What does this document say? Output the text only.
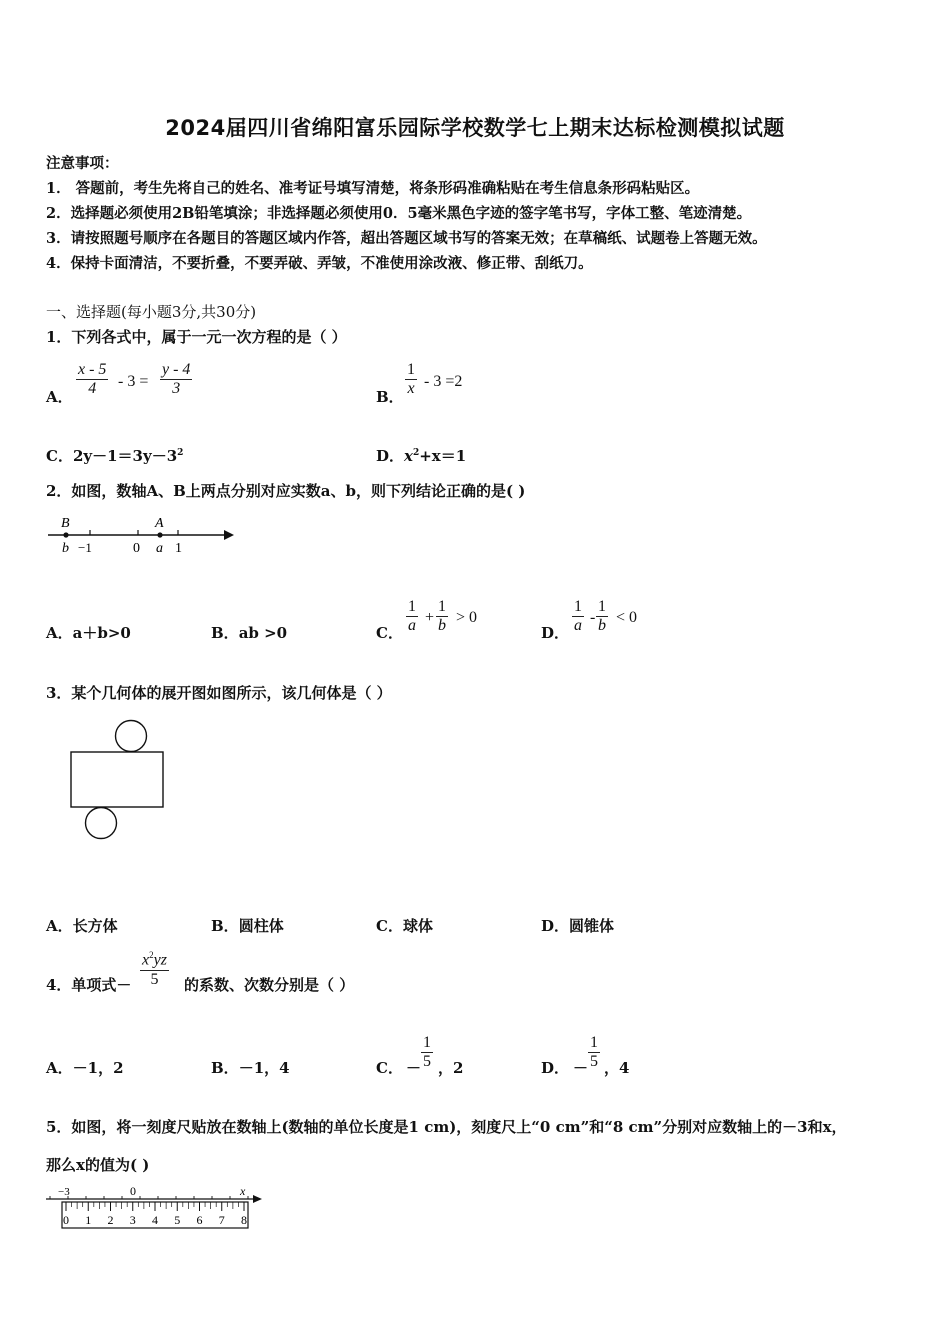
2024届四川省绵阳富乐园际学校数学七上期末达标检测模拟试题
注意事项：
1． 答题前，考生先将自己的姓名、准考证号填写清楚，将条形码准确粘贴在考生信息条形码粘贴区。
2．选择题必须使用2B铅笔填涂；非选择题必须使用0．5毫米黑色字迹的签字笔书写，字体工整、笔迹清楚。
3．请按照题号顺序在各题目的答题区域内作答，超出答题区域书写的答案无效；在草稿纸、试题卷上答题无效。
4．保持卡面清洁，不要折叠，不要弄破、弄皱，不准使用涂改液、修正带、刮纸刀。
一、选择题(每小题3分,共30分)
1．下列各式中，属于一元一次方程的是（ ）
A． $\frac{x - 5}{4} - 3 = \frac{y - 4}{3}$	B． $\frac{1}{x} - 3 =2$
C．$2y-1=3y-3^2$	D．$x^2+x=1$
2．如图，数轴A、B上两点分别对应实数a、b，则下列结论正确的是( )
B	A
b −1	0 a 1
A．a＋b>0	B．ab >0	C． $\frac{1}{a} + \frac{1}{b} > 0$
D． $\frac{1}{a} - \frac{1}{b} < 0$
3．某个几何体的展开图如图所示，该几何体是（ ）
A．长方体	B．圆柱体	C．球体	D．圆锥体
4．单项式－ $\frac{x^2yz}{5}$ 的系数、次数分别是（ ）
A．－1，2	B．－1，4	C． － $\frac{1}{5}$ ，2	D． － $\frac{1}{5}$ ，4
5．如图，将一刻度尺贴放在数轴上(数轴的单位长度是1 cm)，刻度尺上“0 cm”和“8 cm”分别对应数轴上的－3和x，
那么x的值为( )
−3	0	x
0 1 2 3 4 5 6 7 8
